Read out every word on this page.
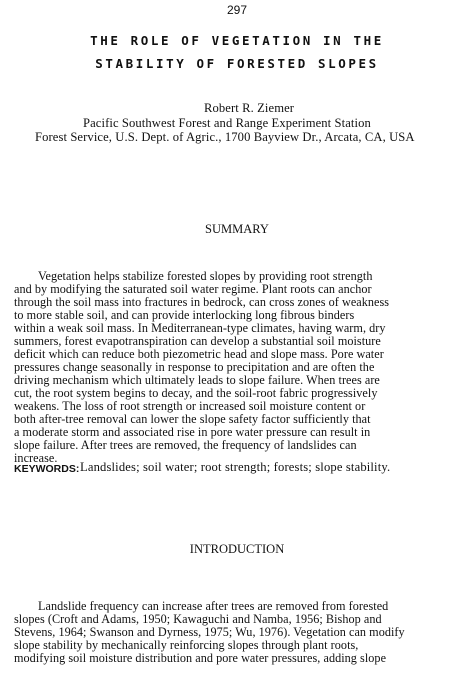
297
THE ROLE OF VEGETATION IN THE
STABILITY OF FORESTED SLOPES
Robert R. Ziemer
Pacific Southwest Forest and Range Experiment Station
Forest Service, U.S. Dept. of Agric., 1700 Bayview Dr., Arcata, CA, USA
SUMMARY
Vegetation helps stabilize forested slopes by providing root strength
and by modifying the saturated soil water regime. Plant roots can anchor
through the soil mass into fractures in bedrock, can cross zones of weakness
to more stable soil, and can provide interlocking long fibrous binders
within a weak soil mass. In Mediterranean-type climates, having warm, dry
summers, forest evapotranspiration can develop a substantial soil moisture
deficit which can reduce both piezometric head and slope mass. Pore water
pressures change seasonally in response to precipitation and are often the
driving mechanism which ultimately leads to slope failure. When trees are
cut, the root system begins to decay, and the soil-root fabric progressively
weakens. The loss of root strength or increased soil moisture content or
both after-tree removal can lower the slope safety factor sufficiently that
a moderate storm and associated rise in pore water pressure can result in
slope failure. After trees are removed, the frequency of landslides can
increase.
KEYWORDS: Landslides; soil water; root strength; forests; slope stability.
INTRODUCTION
Landslide frequency can increase after trees are removed from forested
slopes (Croft and Adams, 1950; Kawaguchi and Namba, 1956; Bishop and
Stevens, 1964; Swanson and Dyrness, 1975; Wu, 1976). Vegetation can modify
slope stability by mechanically reinforcing slopes through plant roots,
modifying soil moisture distribution and pore water pressures, adding slope
